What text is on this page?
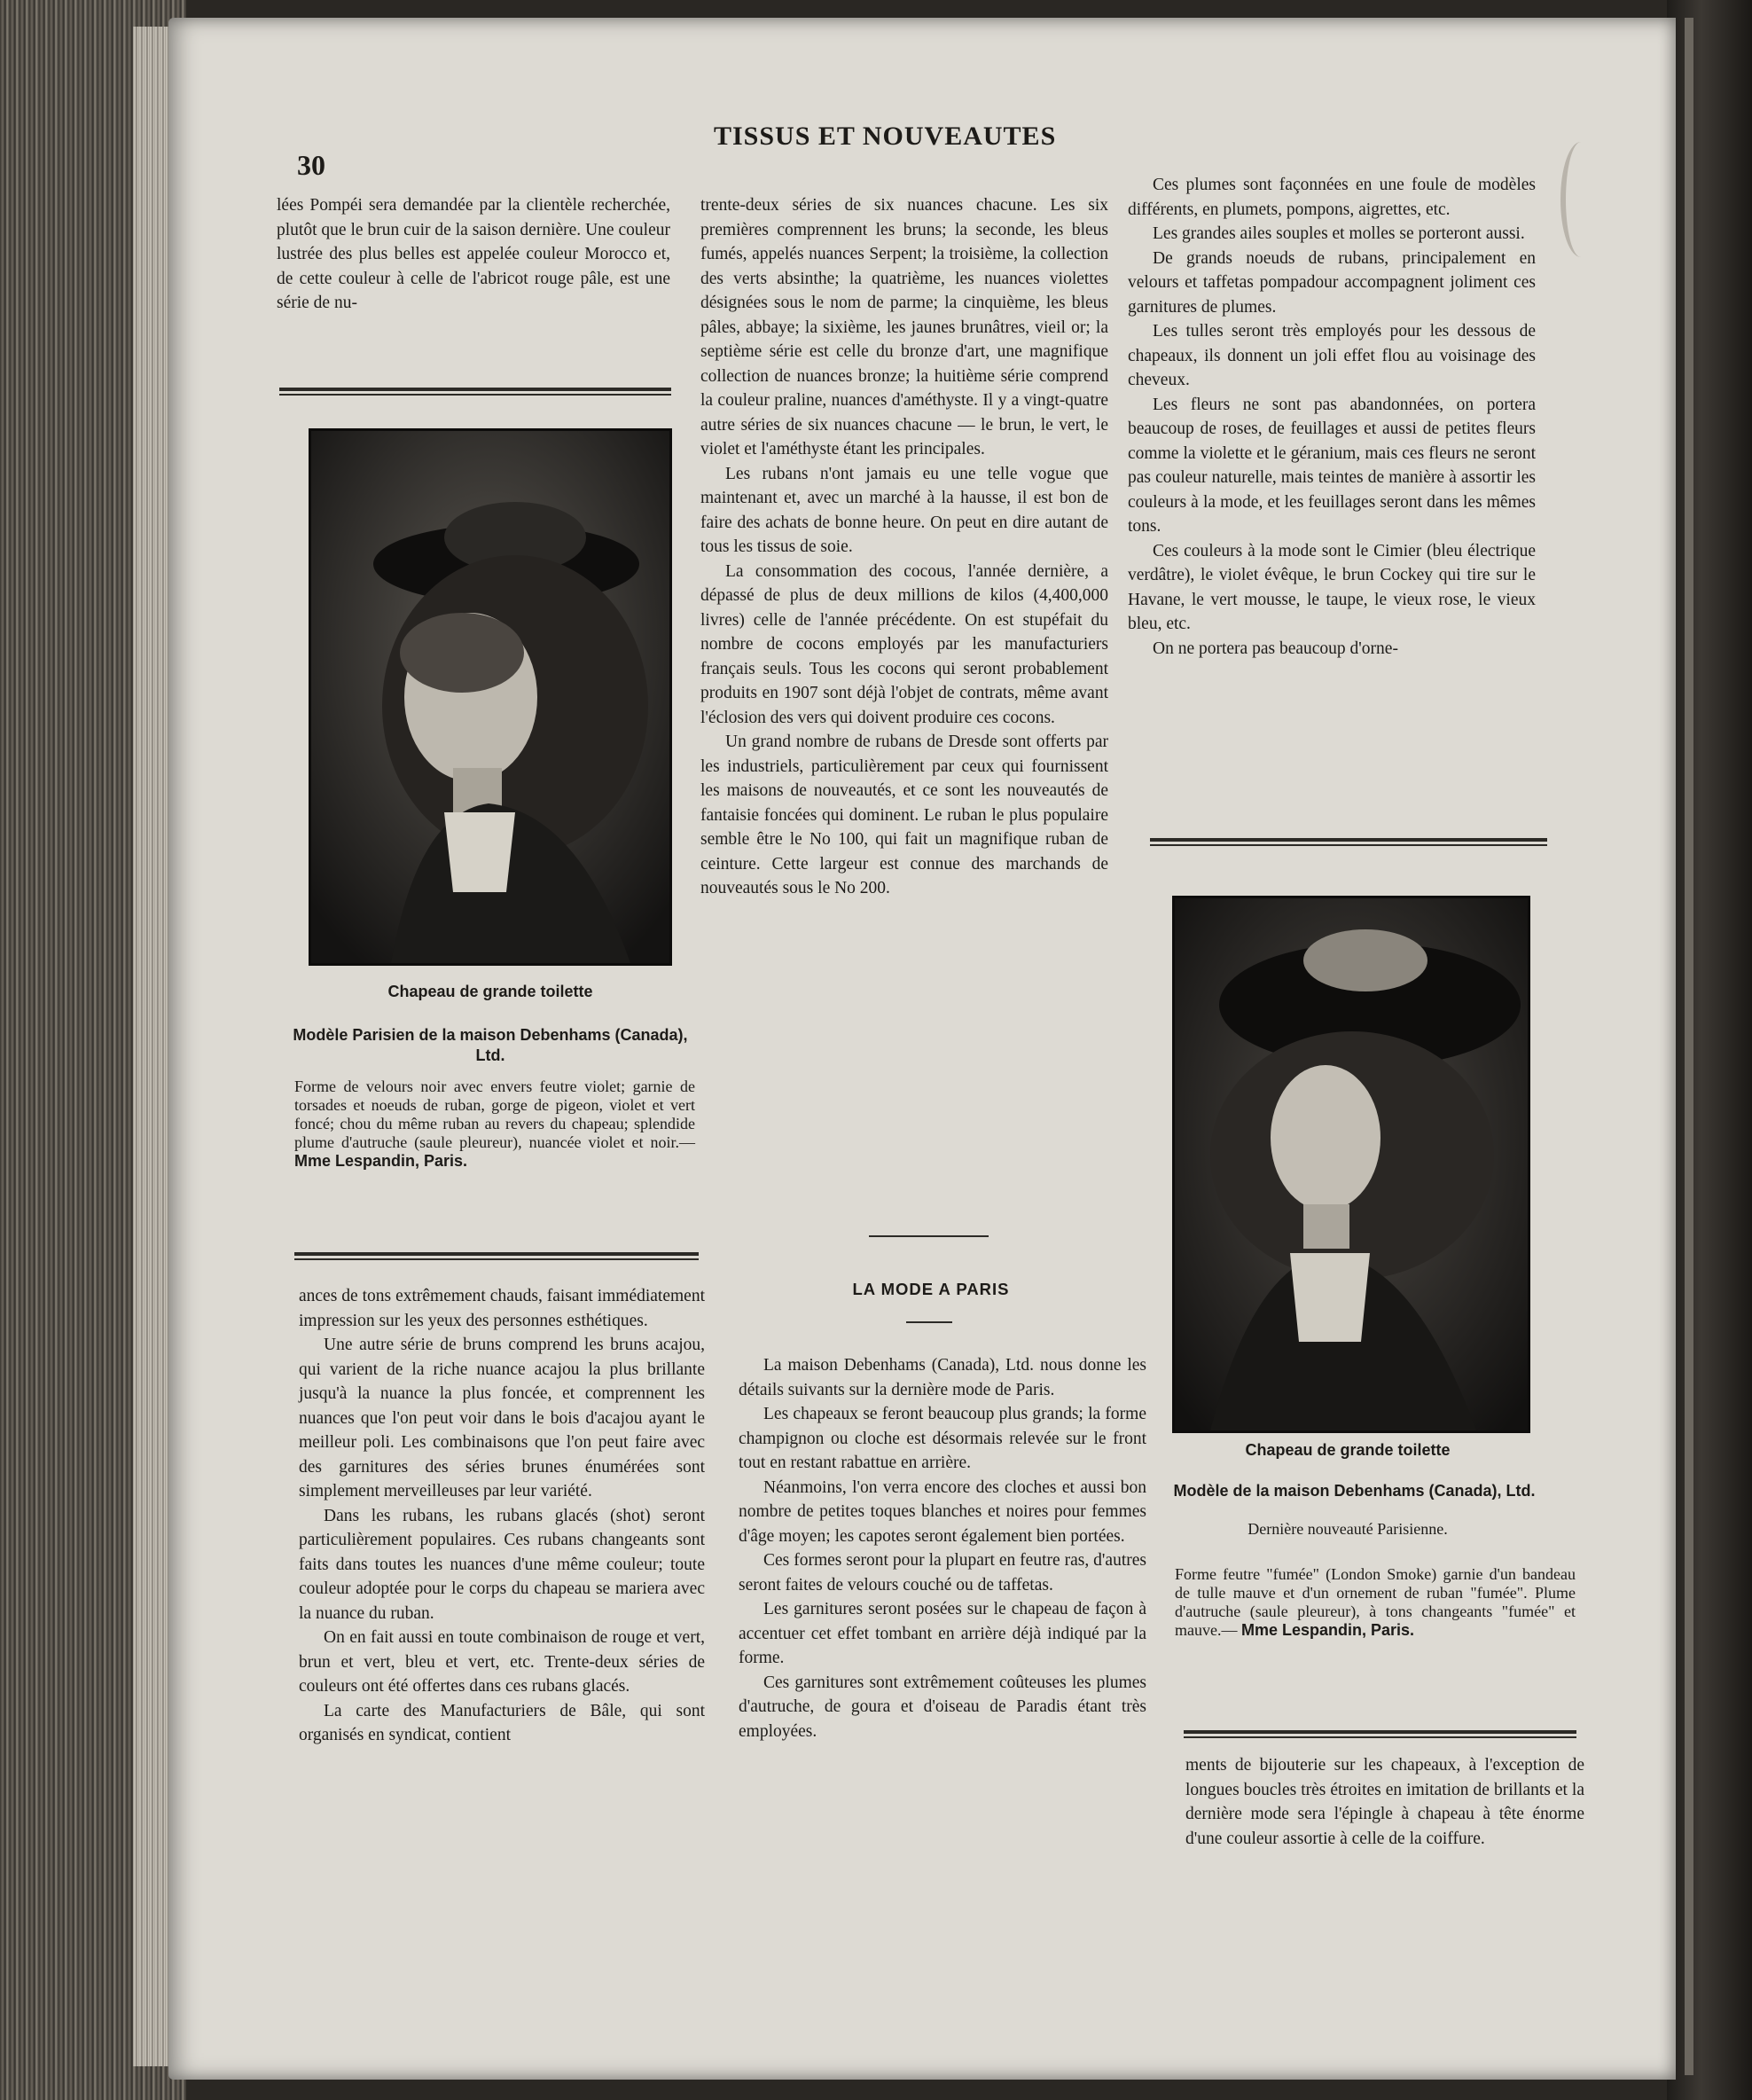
30
TISSUS ET NOUVEAUTES

lées Pompéi sera demandée par la clientèle recherchée, plutôt que le brun cuir de la saison dernière. Une couleur lustrée des plus belles est appelée couleur Morocco et, de cette couleur à celle de l'abricot rouge pâle, est une série de nu-

Chapeau de grande toilette
Modèle Parisien de la maison Debenhams (Canada), Ltd.
Forme de velours noir avec envers feutre violet; garnie de torsades et noeuds de ruban, gorge de pigeon, violet et vert foncé; chou du même ruban au revers du chapeau; splendide plume d'autruche (saule pleureur), nuancée violet et noir.— Mme Lespandin, Paris.

ances de tons extrêmement chauds, faisant immédiatement impression sur les yeux des personnes esthétiques.

Une autre série de bruns comprend les bruns acajou, qui varient de la riche nuance acajou la plus brillante jusqu'à la nuance la plus foncée, et comprennent les nuances que l'on peut voir dans le bois d'acajou ayant le meilleur poli. Les combinaisons que l'on peut faire avec des garnitures des séries brunes énumérées sont simplement merveilleuses par leur variété.

Dans les rubans, les rubans glacés (shot) seront particulièrement populaires. Ces rubans changeants sont faits dans toutes les nuances d'une même couleur; toute couleur adoptée pour le corps du chapeau se mariera avec la nuance du ruban.

On en fait aussi en toute combinaison de rouge et vert, brun et vert, bleu et vert, etc. Trente-deux séries de couleurs ont été offertes dans ces rubans glacés.

La carte des Manufacturiers de Bâle, qui sont organisés en syndicat, contient

trente-deux séries de six nuances chacune. Les six premières comprennent les bruns; la seconde, les bleus fumés, appelés nuances Serpent; la troisième, la collection des verts absinthe; la quatrième, les nuances violettes désignées sous le nom de parme; la cinquième, les bleus pâles, abbaye; la sixième, les jaunes brunâtres, vieil or; la septième série est celle du bronze d'art, une magnifique collection de nuances bronze; la huitième série comprend la couleur praline, nuances d'améthyste. Il y a vingt-quatre autre séries de six nuances chacune — le brun, le vert, le violet et l'améthyste étant les principales.

Les rubans n'ont jamais eu une telle vogue que maintenant et, avec un marché à la hausse, il est bon de faire des achats de bonne heure. On peut en dire autant de tous les tissus de soie.

La consommation des cocous, l'année dernière, a dépassé de plus de deux millions de kilos (4,400,000 livres) celle de l'année précédente. On est stupéfait du nombre de cocons employés par les manufacturiers français seuls. Tous les cocons qui seront probablement produits en 1907 sont déjà l'objet de contrats, même avant l'éclosion des vers qui doivent produire ces cocons.

Un grand nombre de rubans de Dresde sont offerts par les industriels, particulièrement par ceux qui fournissent les maisons de nouveautés, et ce sont les nouveautés de fantaisie foncées qui dominent. Le ruban le plus populaire semble être le No 100, qui fait un magnifique ruban de ceinture. Cette largeur est connue des marchands de nouveautés sous le No 200.

LA MODE A PARIS

La maison Debenhams (Canada), Ltd. nous donne les détails suivants sur la dernière mode de Paris.

Les chapeaux se feront beaucoup plus grands; la forme champignon ou cloche est désormais relevée sur le front tout en restant rabattue en arrière.

Néanmoins, l'on verra encore des cloches et aussi bon nombre de petites toques blanches et noires pour femmes d'âge moyen; les capotes seront également bien portées.

Ces formes seront pour la plupart en feutre ras, d'autres seront faites de velours couché ou de taffetas.

Les garnitures seront posées sur le chapeau de façon à accentuer cet effet tombant en arrière déjà indiqué par la forme.

Ces garnitures sont extrêmement coûteuses les plumes d'autruche, de goura et d'oiseau de Paradis étant très employées.

Ces plumes sont façonnées en une foule de modèles différents, en plumets, pompons, aigrettes, etc.

Les grandes ailes souples et molles se porteront aussi.

De grands noeuds de rubans, principalement en velours et taffetas pompadour accompagnent joliment ces garnitures de plumes.

Les tulles seront très employés pour les dessous de chapeaux, ils donnent un joli effet flou au voisinage des cheveux.

Les fleurs ne sont pas abandonnées, on portera beaucoup de roses, de feuillages et aussi de petites fleurs comme la violette et le géranium, mais ces fleurs ne seront pas couleur naturelle, mais teintes de manière à assortir les couleurs à la mode, et les feuillages seront dans les mêmes tons.

Ces couleurs à la mode sont le Cimier (bleu électrique verdâtre), le violet évêque, le brun Cockey qui tire sur le Havane, le vert mousse, le taupe, le vieux rose, le vieux bleu, etc.

On ne portera pas beaucoup d'orne-

Chapeau de grande toilette
Modèle de la maison Debenhams (Canada), Ltd.
Dernière nouveauté Parisienne.
Forme feutre "fumée" (London Smoke) garnie d'un bandeau de tulle mauve et d'un ornement de ruban "fumée". Plume d'autruche (saule pleureur), à tons changeants "fumée" et mauve.— Mme Lespandin, Paris.

ments de bijouterie sur les chapeaux, à l'exception de longues boucles très étroites en imitation de brillants et la dernière mode sera l'épingle à chapeau à tête énorme d'une couleur assortie à celle de la coiffure.
